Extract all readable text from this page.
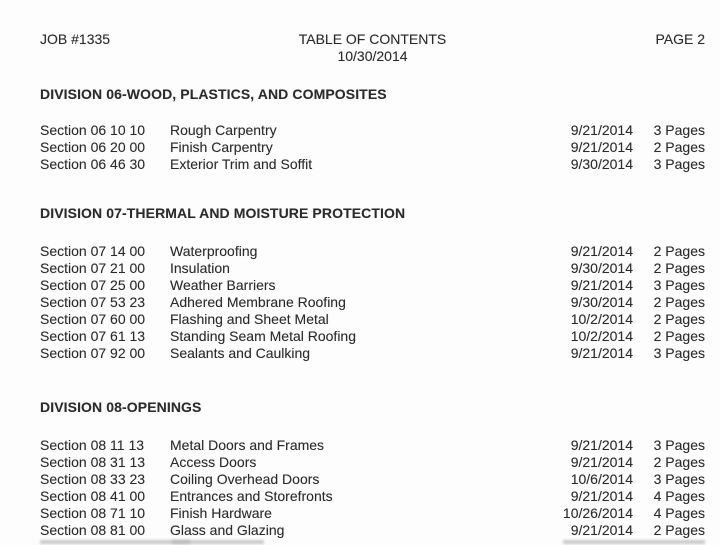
JOB #1335	TABLE OF CONTENTS
10/30/2014
PAGE 2
DIVISION 06-WOOD, PLASTICS, AND COMPOSITES
Section 06 10 10	Rough Carpentry	9/21/2014	3 Pages
Section 06 20 00	Finish Carpentry	9/21/2014	2 Pages
Section 06 46 30	Exterior Trim and Soffit	9/30/2014	3 Pages
DIVISION 07-THERMAL AND MOISTURE PROTECTION
Section 07 14 00	Waterproofing	9/21/2014	2 Pages
Section 07 21 00	Insulation	9/30/2014	2 Pages
Section 07 25 00	Weather Barriers	9/21/2014	3 Pages
Section 07 53 23	Adhered Membrane Roofing	9/30/2014	2 Pages
Section 07 60 00	Flashing and Sheet Metal	10/2/2014	2 Pages
Section 07 61 13	Standing Seam Metal Roofing	10/2/2014	2 Pages
Section 07 92 00	Sealants and Caulking	9/21/2014	3 Pages
DIVISION 08-OPENINGS
Section 08 11 13	Metal Doors and Frames	9/21/2014	3 Pages
Section 08 31 13	Access Doors	9/21/2014	2 Pages
Section 08 33 23	Coiling Overhead Doors	10/6/2014	3 Pages
Section 08 41 00	Entrances and Storefronts	9/21/2014	4 Pages
Section 08 71 10	Finish Hardware	10/26/2014	4 Pages
Section 08 81 00	Glass and Glazing	9/21/2014	2 Pages
